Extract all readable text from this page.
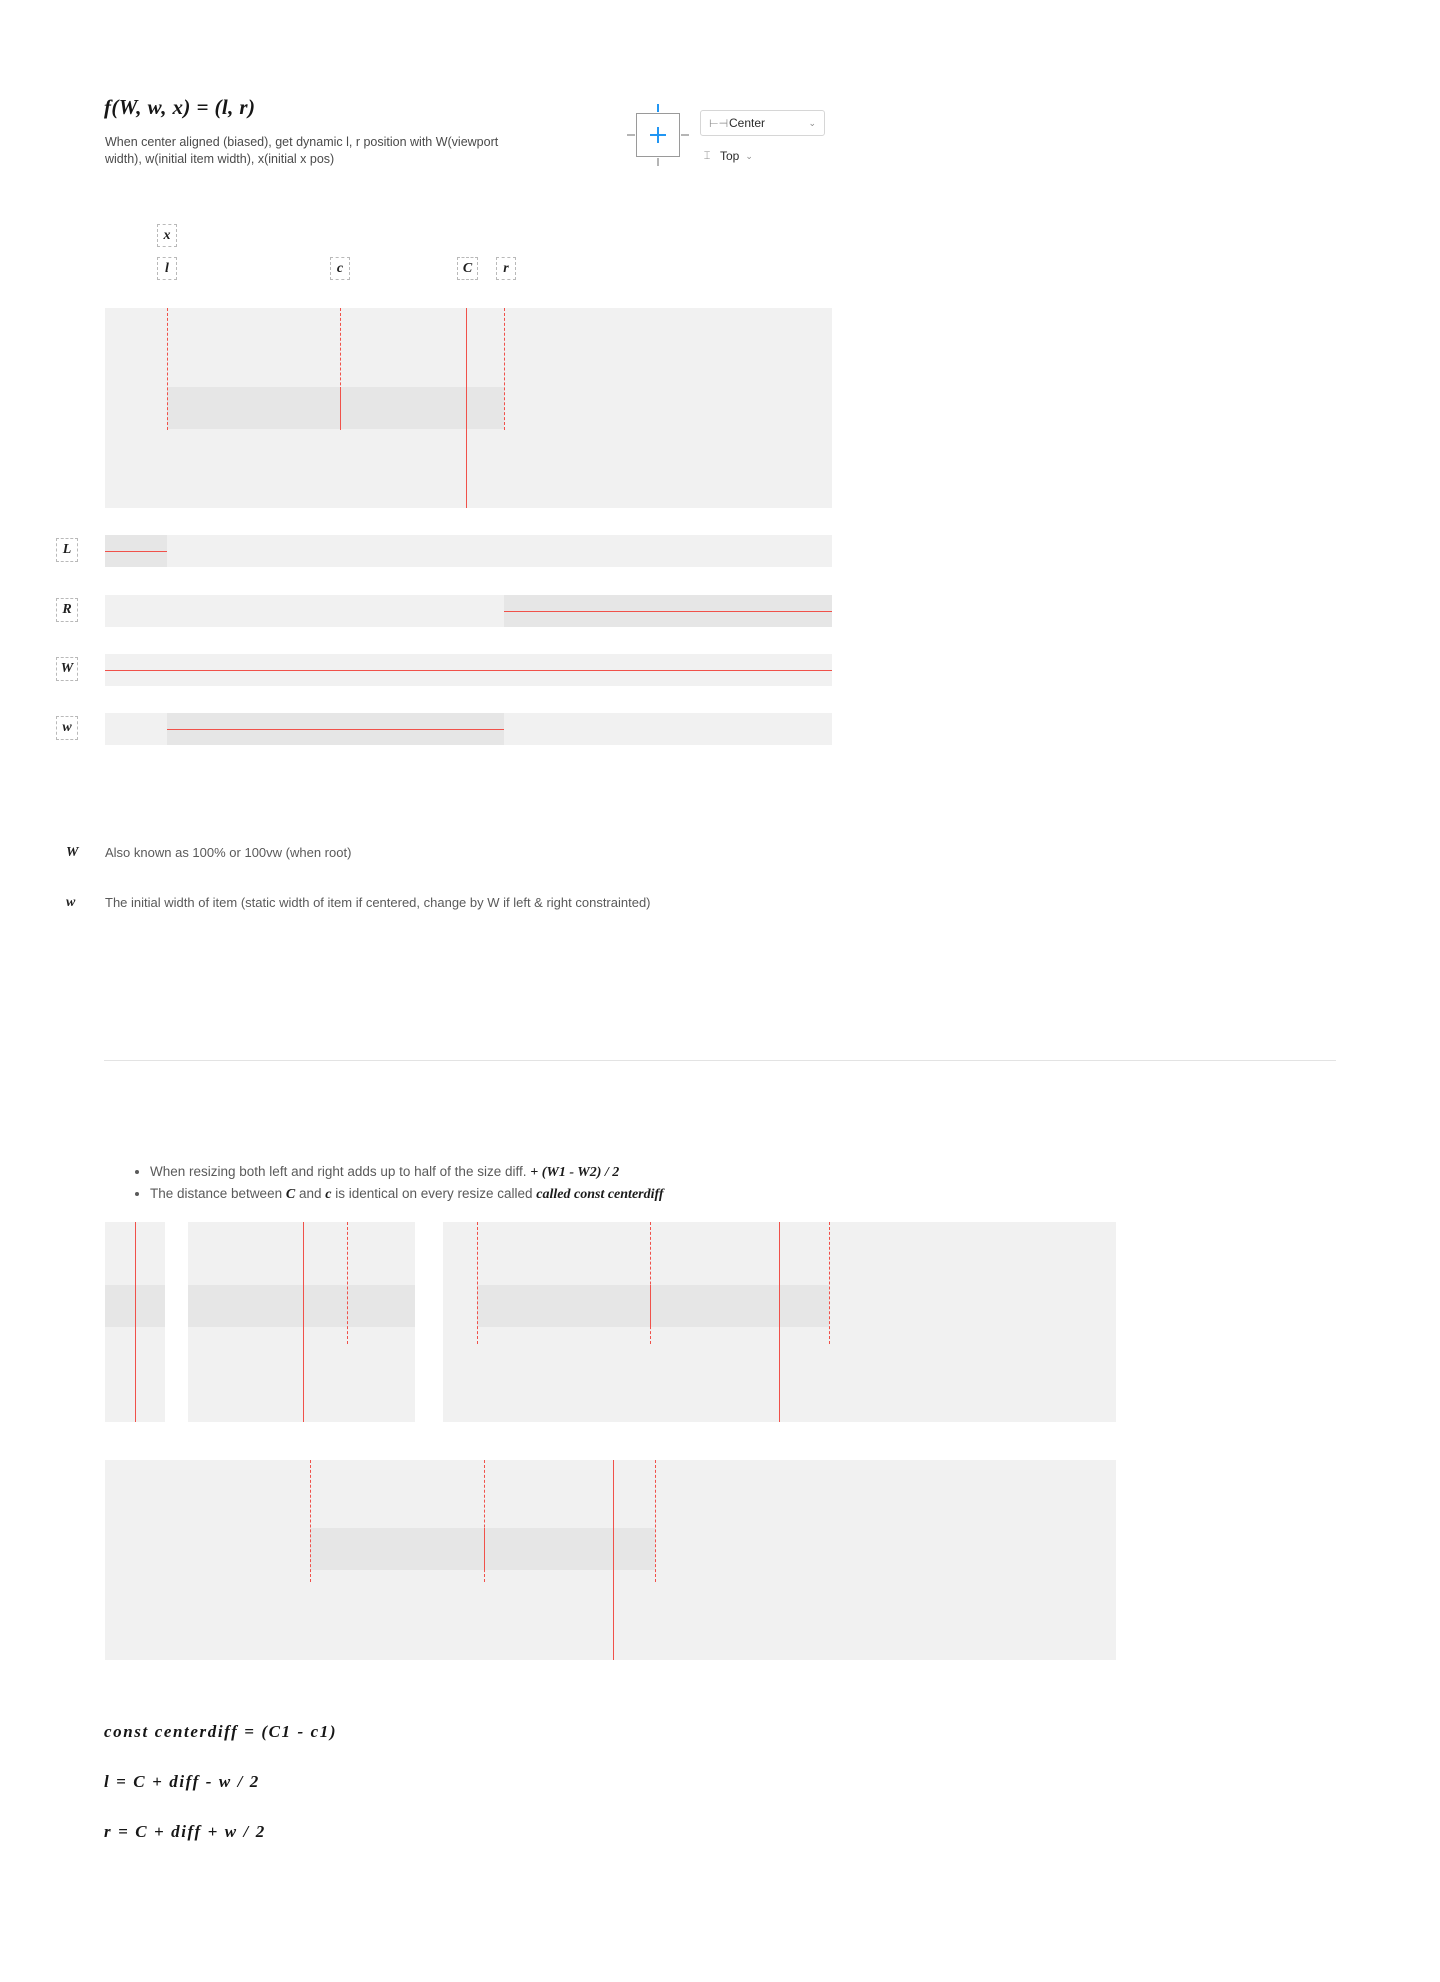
f(W, w, x) = (l, r)
When center aligned (biased), get dynamic l, r position with W(viewport width), w(initial item width), x(initial x pos)
⊢⊣ Center	⌄
⌶ Top ⌄
x
l	c	C	r
L
R
W
w
W Also known as 100% or 100vw (when root)
w The initial width of item (static width of item if centered, change by W if left & right constrainted)
• When resizing both left and right adds up to half of the size diff. + (W1 - W2) / 2
• The distance between C and c is identical on every resize called called const centerdiff
const centerdiff = (C1 - c1)
l = C + diff - w / 2
r = C + diff + w / 2
